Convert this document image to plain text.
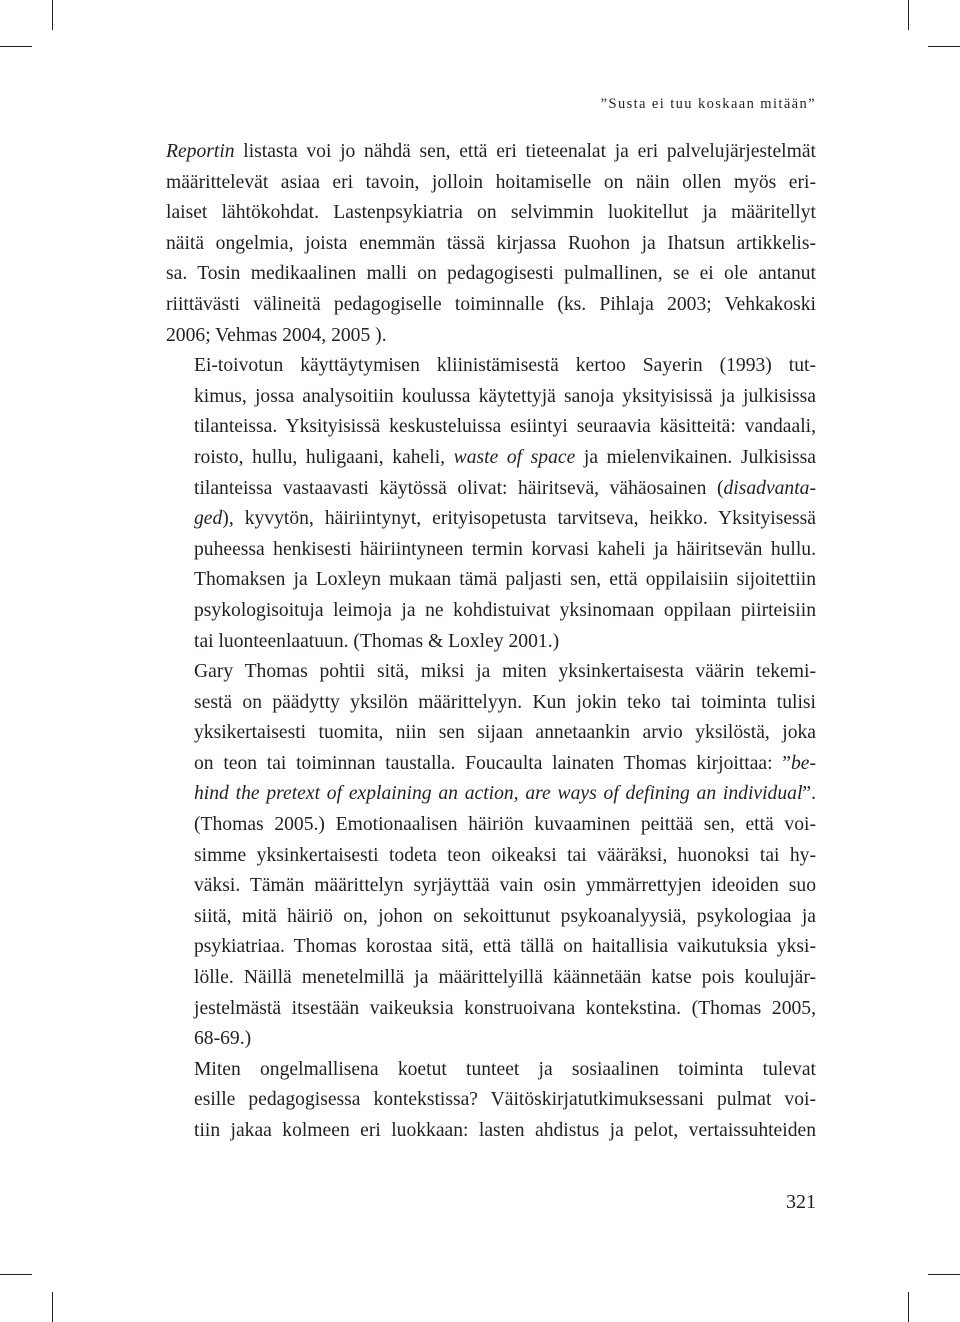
”Susta ei tuu koskaan mitään”

Reportin listasta voi jo nähdä sen, että eri tieteenalat ja eri palvelujärjestelmät
määrittelevät asiaa eri tavoin, jolloin hoitamiselle on näin ollen myös eri-
laiset lähtökohdat. Lastenpsykiatria on selvimmin luokitellut ja määritellyt
näitä ongelmia, joista enemmän tässä kirjassa Ruohon ja Ihatsun artikkelis-
sa. Tosin medikaalinen malli on pedagogisesti pulmallinen, se ei ole antanut
riittävästi välineitä pedagogiselle toiminnalle (ks. Pihlaja 2003; Vehkakoski
2006; Vehmas 2004, 2005 ).

Ei-toivotun käyttäytymisen kliinistämisestä kertoo Sayerin (1993) tut-
kimus, jossa analysoitiin koulussa käytettyjä sanoja yksityisissä ja julkisissa
tilanteissa. Yksityisissä keskusteluissa esiintyi seuraavia käsitteitä: vandaali,
roisto, hullu, huligaani, kaheli, waste of space ja mielenvikainen. Julkisissa
tilanteissa vastaavasti käytössä olivat: häiritsevä, vähäosainen (disadvanta-
ged), kyvytön, häiriintynyt, erityisopetusta tarvitseva, heikko. Yksityisessä
puheessa henkisesti häiriintyneen termin korvasi kaheli ja häiritsevän hullu.
Thomaksen ja Loxleyn mukaan tämä paljasti sen, että oppilaisiin sijoitettiin
psykologisoituja leimoja ja ne kohdistuivat yksinomaan oppilaan piirteisiin
tai luonteenlaatuun. (Thomas & Loxley 2001.)

Gary Thomas pohtii sitä, miksi ja miten yksinkertaisesta väärin tekemi-
sestä on päädytty yksilön määrittelyyn. Kun jokin teko tai toiminta tulisi
yksikertaisesti tuomita, niin sen sijaan annetaankin arvio yksilöstä, joka
on teon tai toiminnan taustalla. Foucaulta lainaten Thomas kirjoittaa: ”be-
hind the pretext of explaining an action, are ways of defining an individual”.
(Thomas 2005.) Emotionaalisen häiriön kuvaaminen peittää sen, että voi-
simme yksinkertaisesti todeta teon oikeaksi tai vääräksi, huonoksi tai hy-
väksi. Tämän määrittelyn syrjäyttää vain osin ymmärrettyjen ideoiden suo
siitä, mitä häiriö on, johon on sekoittunut psykoanalyysiä, psykologiaa ja
psykiatriaa. Thomas korostaa sitä, että tällä on haitallisia vaikutuksia yksi-
lölle. Näillä menetelmillä ja määrittelyillä käännetään katse pois koulujär-
jestelmästä itsestään vaikeuksia konstruoivana kontekstina. (Thomas 2005,
68-69.)

Miten ongelmallisena koetut tunteet ja sosiaalinen toiminta tulevat
esille pedagogisessa kontekstissa? Väitöskirjatutkimuksessani pulmat voi-
tiin jakaa kolmeen eri luokkaan: lasten ahdistus ja pelot, vertaissuhteiden

321
